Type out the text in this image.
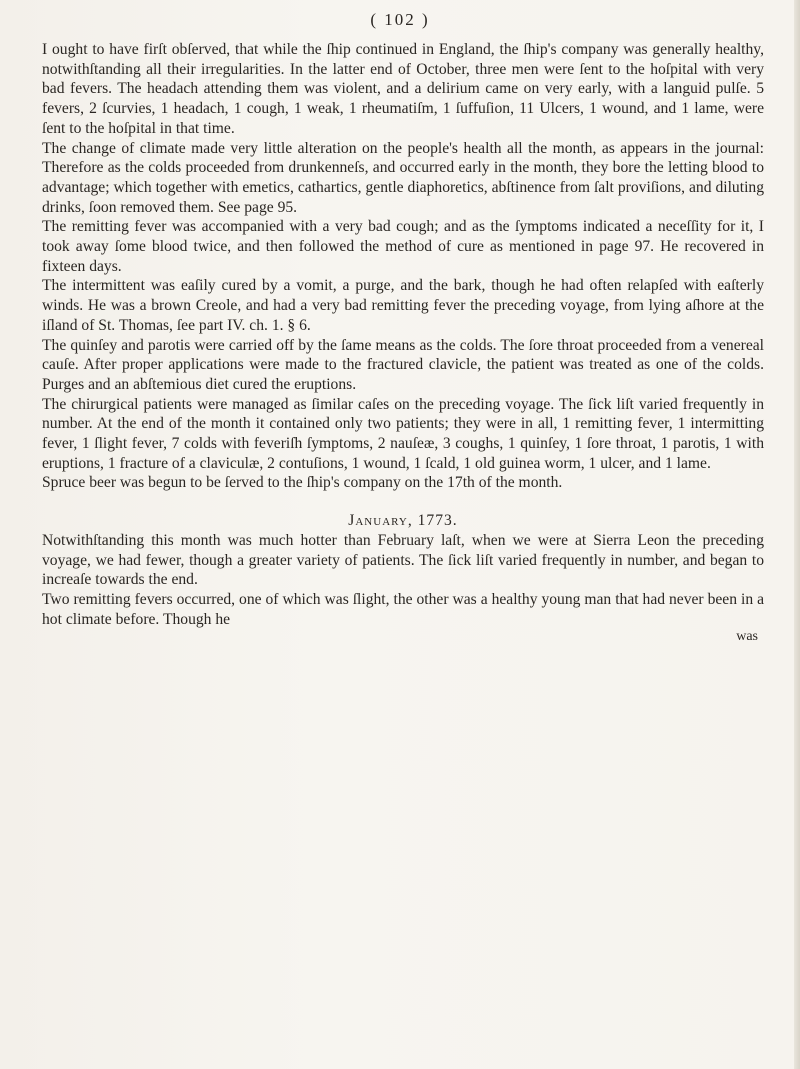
( 102 )

I ought to have firſt obſerved, that while the ſhip continued in England, the ſhip's company was generally healthy, notwithſtanding all their irregularities. In the latter end of October, three men were ſent to the hoſpital with very bad fevers. The headach attending them was violent, and a delirium came on very early, with a languid pulſe. 5 fevers, 2 ſcurvies, 1 headach, 1 cough, 1 weak, 1 rheumatiſm, 1 ſuffuſion, 11 Ulcers, 1 wound, and 1 lame, were ſent to the hoſpital in that time.

The change of climate made very little alteration on the people's health all the month, as appears in the journal: Therefore as the colds proceeded from drunkenneſs, and occurred early in the month, they bore the letting blood to advantage; which together with emetics, cathartics, gentle diaphoretics, abſtinence from ſalt proviſions, and diluting drinks, ſoon removed them. See page 95.

The remitting fever was accompanied with a very bad cough; and as the ſymptoms indicated a neceſſity for it, I took away ſome blood twice, and then followed the method of cure as mentioned in page 97. He recovered in fixteen days.

The intermittent was eaſily cured by a vomit, a purge, and the bark, though he had often relapſed with eaſterly winds. He was a brown Creole, and had a very bad remitting fever the preceding voyage, from lying aſhore at the iſland of St. Thomas, ſee part IV. ch. 1. § 6.

The quinſey and parotis were carried off by the ſame means as the colds. The ſore throat proceeded from a venereal cauſe. After proper applications were made to the fractured clavicle, the patient was treated as one of the colds. Purges and an abſtemious diet cured the eruptions.

The chirurgical patients were managed as ſimilar caſes on the preceding voyage. The ſick liſt varied frequently in number. At the end of the month it contained only two patients; they were in all, 1 remitting fever, 1 intermitting fever, 1 ſlight fever, 7 colds with feveriſh ſymptoms, 2 nauſeæ, 3 coughs, 1 quinſey, 1 ſore throat, 1 parotis, 1 with eruptions, 1 fracture of a claviculæ, 2 contuſions, 1 wound, 1 ſcald, 1 old guinea worm, 1 ulcer, and 1 lame.

Spruce beer was begun to be ſerved to the ſhip's company on the 17th of the month.

January, 1773.

Notwithſtanding this month was much hotter than February laſt, when we were at Sierra Leon the preceding voyage, we had fewer, though a greater variety of patients. The ſick liſt varied frequently in number, and began to increaſe towards the end.

Two remitting fevers occurred, one of which was ſlight, the other was a healthy young man that had never been in a hot climate before. Though he

was
